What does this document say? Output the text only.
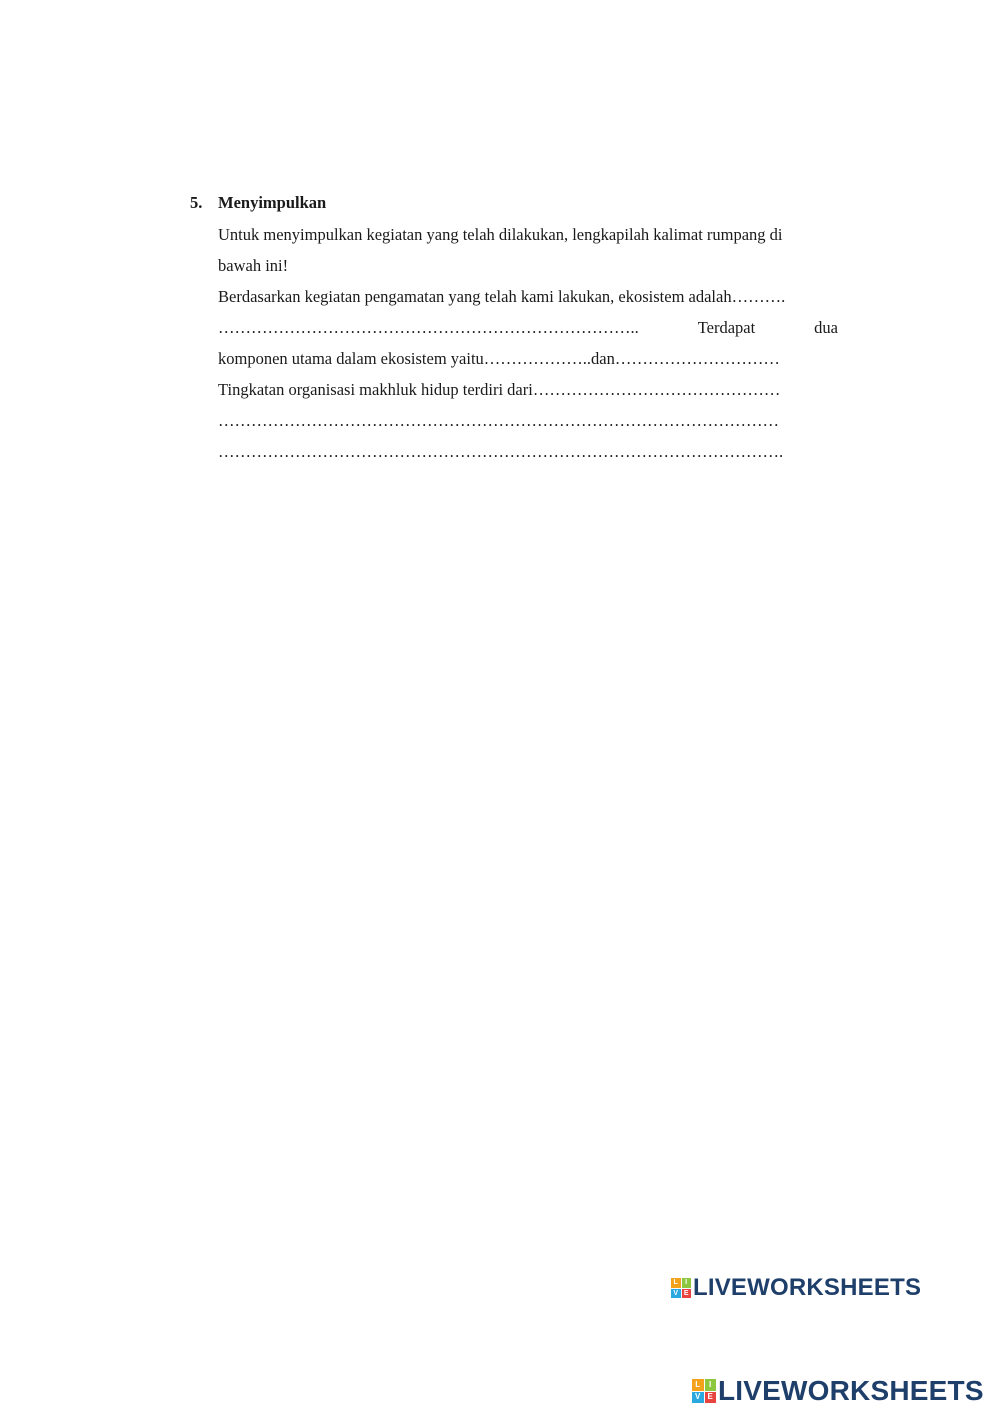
5. Menyimpulkan
Untuk menyimpulkan kegiatan yang telah dilakukan, lengkapilah kalimat rumpang di
bawah ini!
Berdasarkan kegiatan pengamatan yang telah kami lakukan, ekosistem adalah……….
…………………………………………………………………..	Terdapat	dua
komponen utama dalam ekosistem yaitu………………..dan…………………………
Tingkatan organisasi makhluk hidup terdiri dari………………………………………
…………………………………………………………………………………………
………………………………………………………………………………………….
L	I
V E LIVEWORKSHEETS
L	I
V E LIVEWORKSHEETS
